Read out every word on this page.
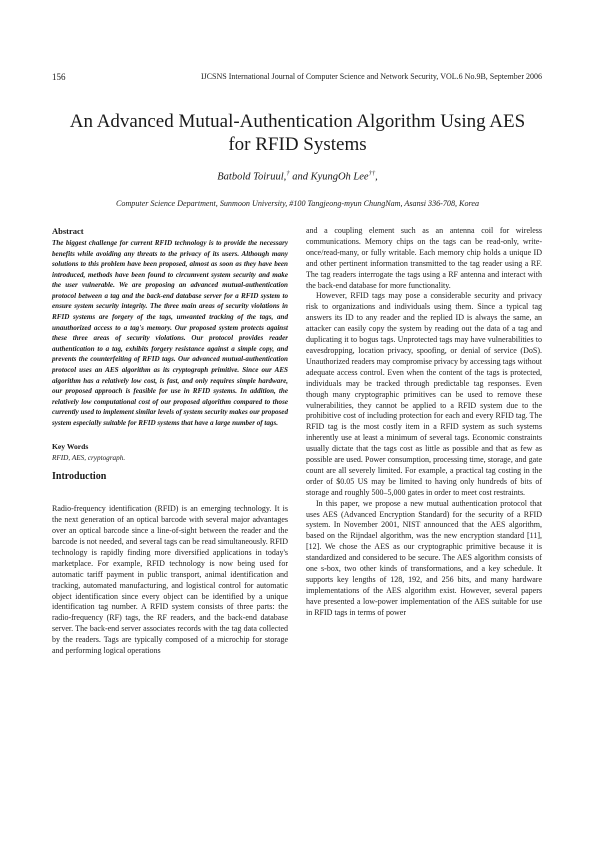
156	IJCSNS International Journal of Computer Science and Network Security, VOL.6 No.9B, September 2006
An Advanced Mutual-Authentication Algorithm Using AES
for RFID Systems
Batbold Toiruul,† and KyungOh Lee††,
Computer Science Department, Sunmoon University, #100 Tangjeong-myun ChungNam, Asansi 336-708, Korea
Abstract

The biggest challenge for current RFID technology is to provide the necessary benefits while avoiding any threats to the privacy of its users. Although many solutions to this problem have been proposed, almost as soon as they have been introduced, methods have been found to circumvent system security and make the user vulnerable. We are proposing an advanced mutual-authentication protocol between a tag and the back-end database server for a RFID system to ensure system security integrity. The three main areas of security violations in RFID systems are forgery of the tags, unwanted tracking of the tags, and unauthorized access to a tag's memory. Our proposed system protects against these three areas of security violations. Our protocol provides reader authentication to a tag, exhibits forgery resistance against a simple copy, and prevents the counterfeiting of RFID tags. Our advanced mutual-authentication protocol uses an AES algorithm as its cryptograph primitive. Since our AES algorithm has a relatively low cost, is fast, and only requires simple hardware, our proposed approach is feasible for use in RFID systems. In addition, the relatively low computational cost of our proposed algorithm compared to those currently used to implement similar levels of system security makes our proposed system especially suitable for RFID systems that have a large number of tags.

Key Words

RFID, AES, cryptograph.

Introduction

Radio-frequency identification (RFID) is an emerging technology. It is the next generation of an optical barcode with several major advantages over an optical barcode since a line-of-sight between the reader and the barcode is not needed, and several tags can be read simultaneously. RFID technology is rapidly finding more diversified applications in today's marketplace. For example, RFID technology is now being used for automatic tariff payment in public transport, animal identification and tracking, automated manufacturing, and logistical control for automatic object identification since every object can be identified by a unique identification tag number. A RFID system consists of three parts: the radio-frequency (RF) tags, the RF readers, and the back-end database server. The back-end server associates records with the tag data collected by the readers. Tags are typically composed of a microchip for storage and performing logical operations

and a coupling element such as an antenna coil for wireless communications. Memory chips on the tags can be read-only, write-once/read-many, or fully writable. Each memory chip holds a unique ID and other pertinent information transmitted to the tag reader using a RF. The tag readers interrogate the tags using a RF antenna and interact with the back-end database for more functionality.

However, RFID tags may pose a considerable security and privacy risk to organizations and individuals using them. Since a typical tag answers its ID to any reader and the replied ID is always the same, an attacker can easily copy the system by reading out the data of a tag and duplicating it to bogus tags. Unprotected tags may have vulnerabilities to eavesdropping, location privacy, spoofing, or denial of service (DoS). Unauthorized readers may compromise privacy by accessing tags without adequate access control. Even when the content of the tags is protected, individuals may be tracked through predictable tag responses. Even though many cryptographic primitives can be used to remove these vulnerabilities, they cannot be applied to a RFID system due to the prohibitive cost of including protection for each and every RFID tag. The RFID tag is the most costly item in a RFID system as such systems inherently use at least a minimum of several tags. Economic constraints usually dictate that the tags cost as little as possible and that as few as possible are used. Power consumption, processing time, storage, and gate count are all severely limited. For example, a practical tag costing in the order of $0.05 US may be limited to having only hundreds of bits of storage and roughly 500–5,000 gates in order to meet cost restraints.

In this paper, we propose a new mutual authentication protocol that uses AES (Advanced Encryption Standard) for the security of a RFID system. In November 2001, NIST announced that the AES algorithm, based on the Rijndael algorithm, was the new encryption standard [11], [12]. We chose the AES as our cryptographic primitive because it is standardized and considered to be secure. The AES algorithm consists of one s-box, two other kinds of transformations, and a key schedule. It supports key lengths of 128, 192, and 256 bits, and many hardware implementations of the AES algorithm exist. However, several papers have presented a low-power implementation of the AES suitable for use in RFID tags in terms of power
